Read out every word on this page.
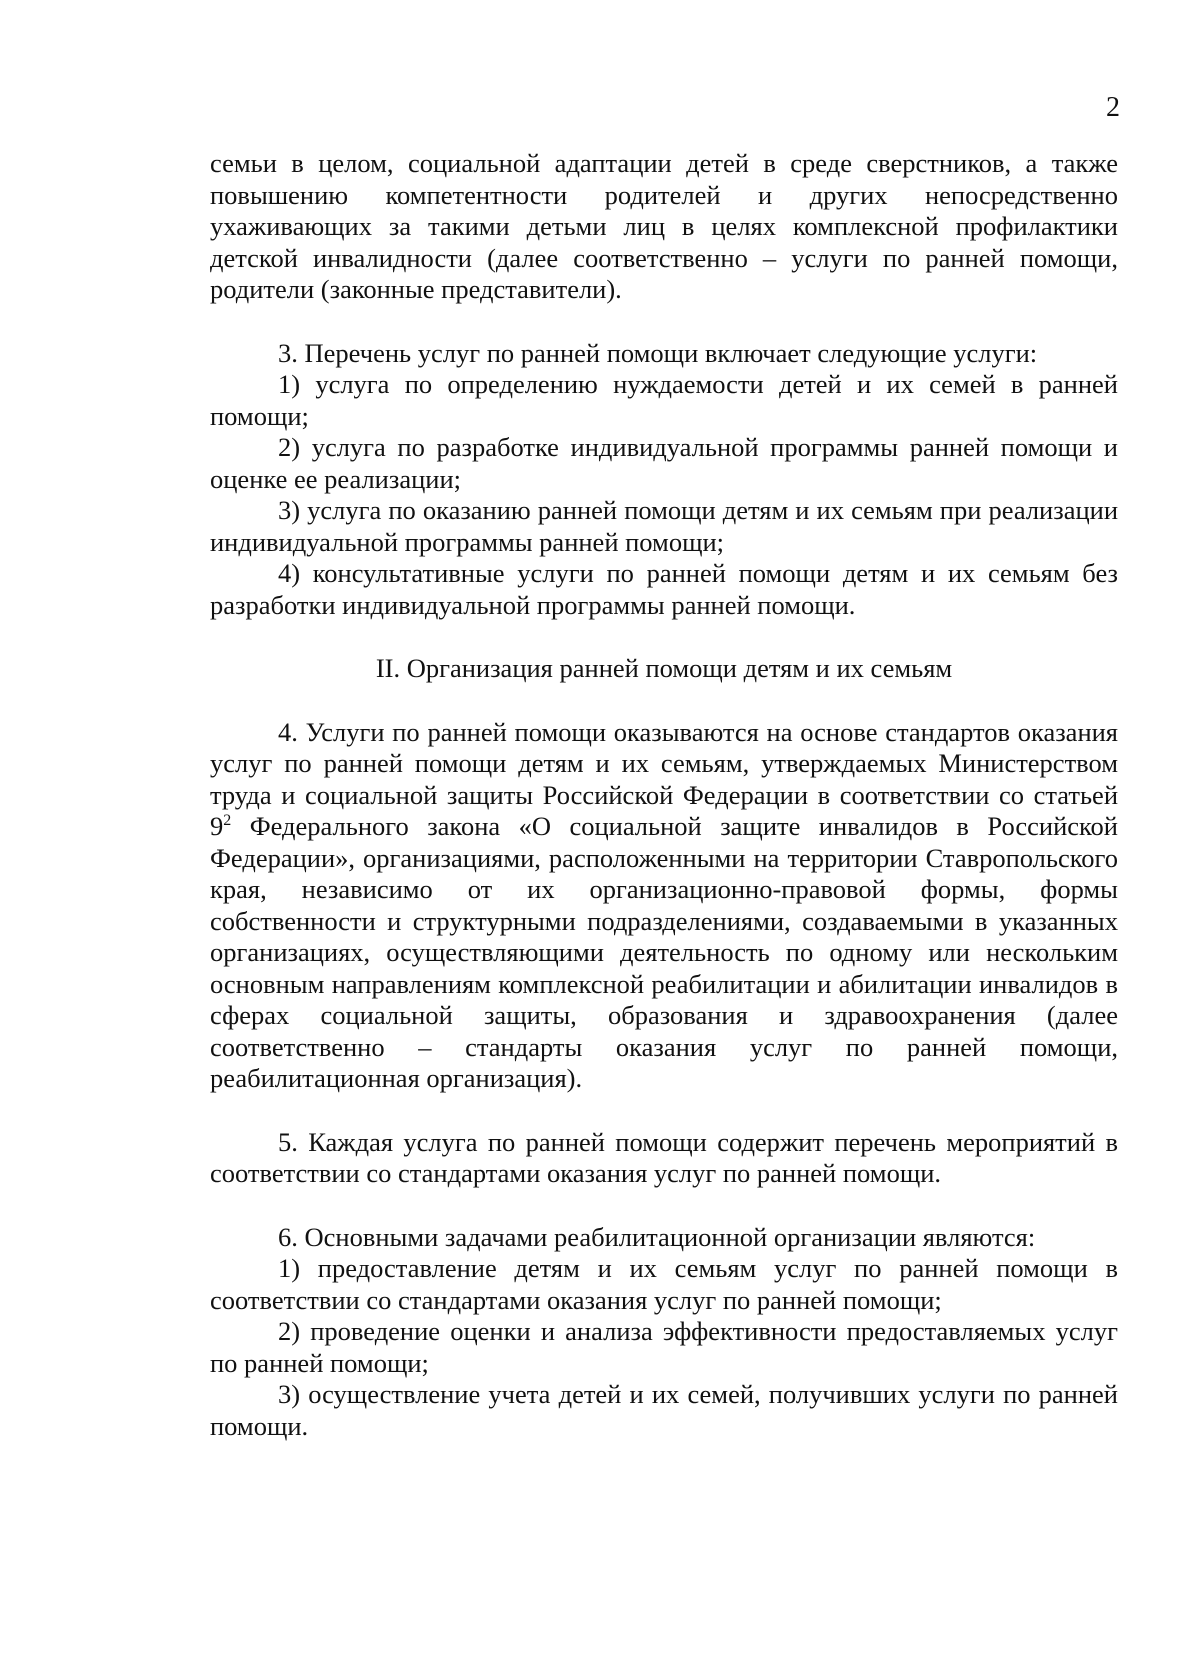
2

семьи в целом, социальной адаптации детей в среде сверстников, а также повышению компетентности родителей и других непосредственно ухаживающих за такими детьми лиц в целях комплексной профилактики детской инвалидности (далее соответственно – услуги по ранней помощи, родители (законные представители).

3. Перечень услуг по ранней помощи включает следующие услуги:

1) услуга по определению нуждаемости детей и их семей в ранней помощи;

2) услуга по разработке индивидуальной программы ранней помощи и оценке ее реализации;

3) услуга по оказанию ранней помощи детям и их семьям при реализации индивидуальной программы ранней помощи;

4) консультативные услуги по ранней помощи детям и их семьям без разработки индивидуальной программы ранней помощи.

II. Организация ранней помощи детям и их семьям

4. Услуги по ранней помощи оказываются на основе стандартов оказания услуг по ранней помощи детям и их семьям, утверждаемых Министерством труда и социальной защиты Российской Федерации в соответствии со статьей $9^2$ Федерального закона «О социальной защите инвалидов в Российской Федерации», организациями, расположенными на территории Ставропольского края, независимо от их организационно-правовой формы, формы собственности и структурными подразделениями, создаваемыми в указанных организациях, осуществляющими деятельность по одному или нескольким основным направлениям комплексной реабилитации и абилитации инвалидов в сферах социальной защиты, образования и здравоохранения (далее соответственно – стандарты оказания услуг по ранней помощи, реабилитационная организация).

5. Каждая услуга по ранней помощи содержит перечень мероприятий в соответствии со стандартами оказания услуг по ранней помощи.

6. Основными задачами реабилитационной организации являются:

1) предоставление детям и их семьям услуг по ранней помощи в соответствии со стандартами оказания услуг по ранней помощи;

2) проведение оценки и анализа эффективности предоставляемых услуг по ранней помощи;

3) осуществление учета детей и их семей, получивших услуги по ранней помощи.
